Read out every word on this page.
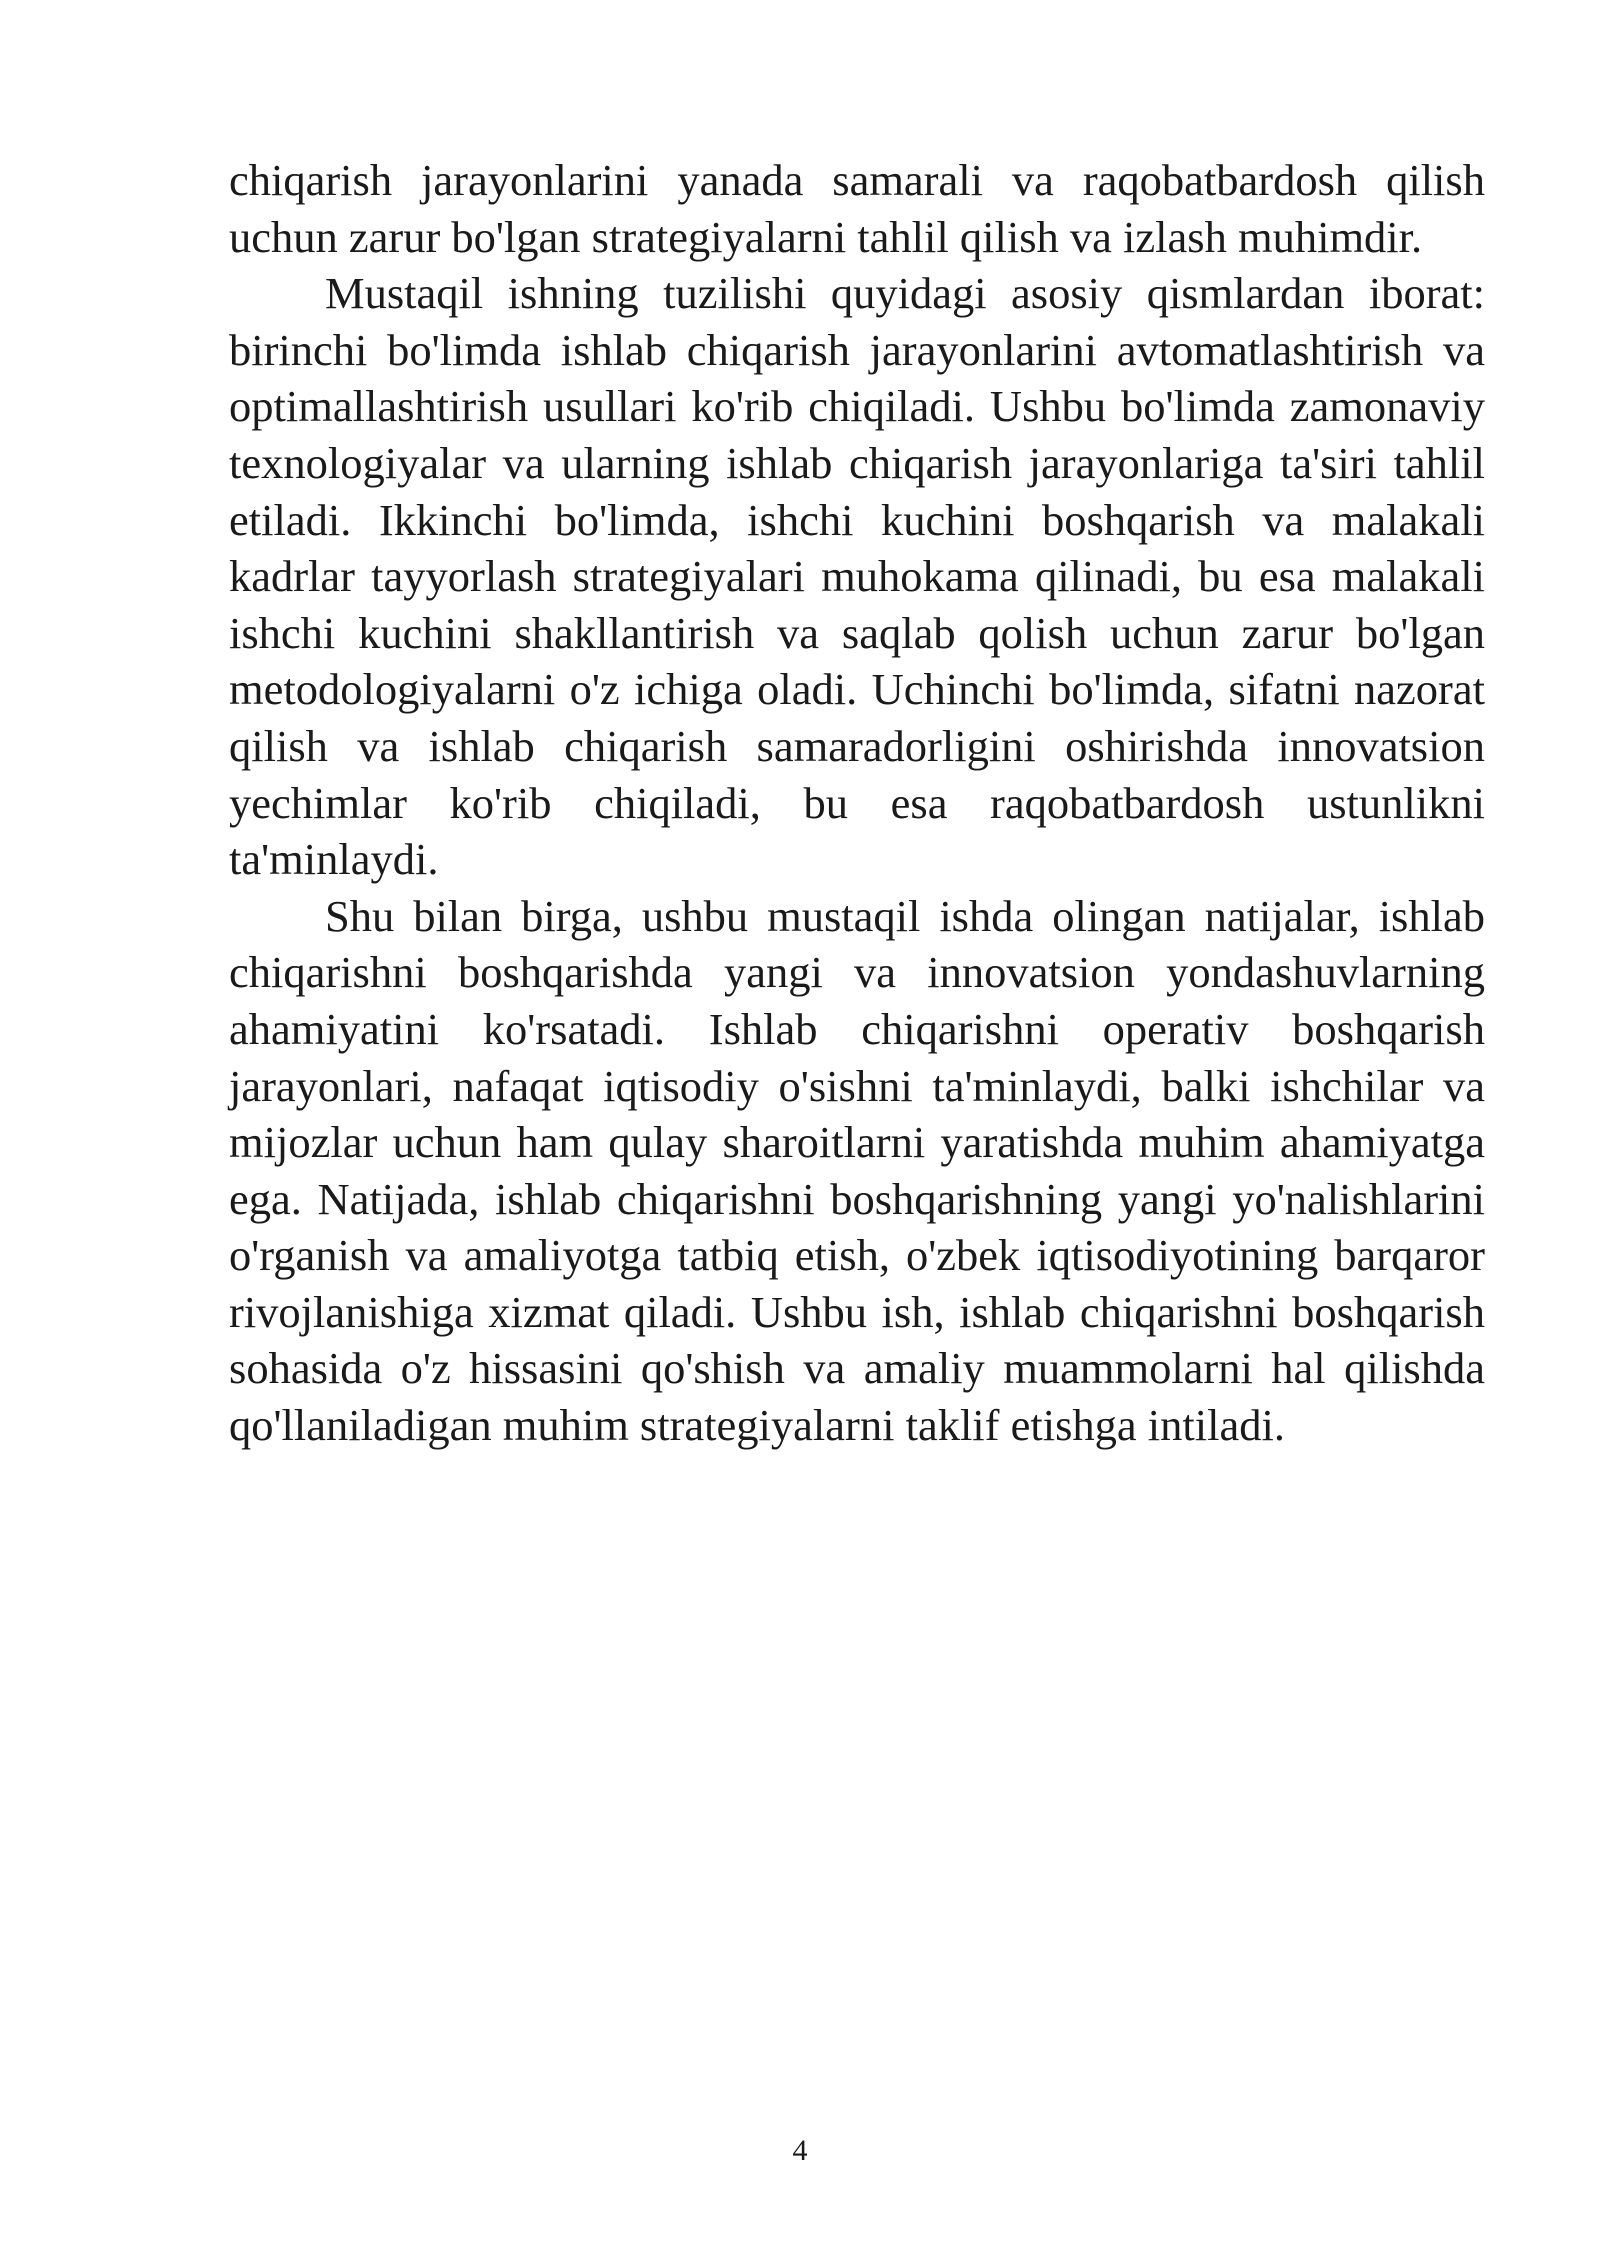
chiqarish jarayonlarini yanada samarali va raqobatbardosh qilish uchun zarur bo'lgan strategiyalarni tahlil qilish va izlash muhimdir.

Mustaqil ishning tuzilishi quyidagi asosiy qismlardan iborat: birinchi bo'limda ishlab chiqarish jarayonlarini avtomatlashtirish va optimallashtirish usullari ko'rib chiqiladi. Ushbu bo'limda zamonaviy texnologiyalar va ularning ishlab chiqarish jarayonlariga ta'siri tahlil etiladi. Ikkinchi bo'limda, ishchi kuchini boshqarish va malakali kadrlar tayyorlash strategiyalari muhokama qilinadi, bu esa malakali ishchi kuchini shakllantirish va saqlab qolish uchun zarur bo'lgan metodologiyalarni o'z ichiga oladi. Uchinchi bo'limda, sifatni nazorat qilish va ishlab chiqarish samaradorligini oshirishda innovatsion yechimlar ko'rib chiqiladi, bu esa raqobatbardosh ustunlikni ta'minlaydi.

Shu bilan birga, ushbu mustaqil ishda olingan natijalar, ishlab chiqarishni boshqarishda yangi va innovatsion yondashuvlarning ahamiyatini ko'rsatadi. Ishlab chiqarishni operativ boshqarish jarayonlari, nafaqat iqtisodiy o'sishni ta'minlaydi, balki ishchilar va mijozlar uchun ham qulay sharoitlarni yaratishda muhim ahamiyatga ega. Natijada, ishlab chiqarishni boshqarishning yangi yo'nalishlarini o'rganish va amaliyotga tatbiq etish, o'zbek iqtisodiyotining barqaror rivojlanishiga xizmat qiladi. Ushbu ish, ishlab chiqarishni boshqarish sohasida o'z hissasini qo'shish va amaliy muammolarni hal qilishda qo'llaniladigan muhim strategiyalarni taklif etishga intiladi.

4
